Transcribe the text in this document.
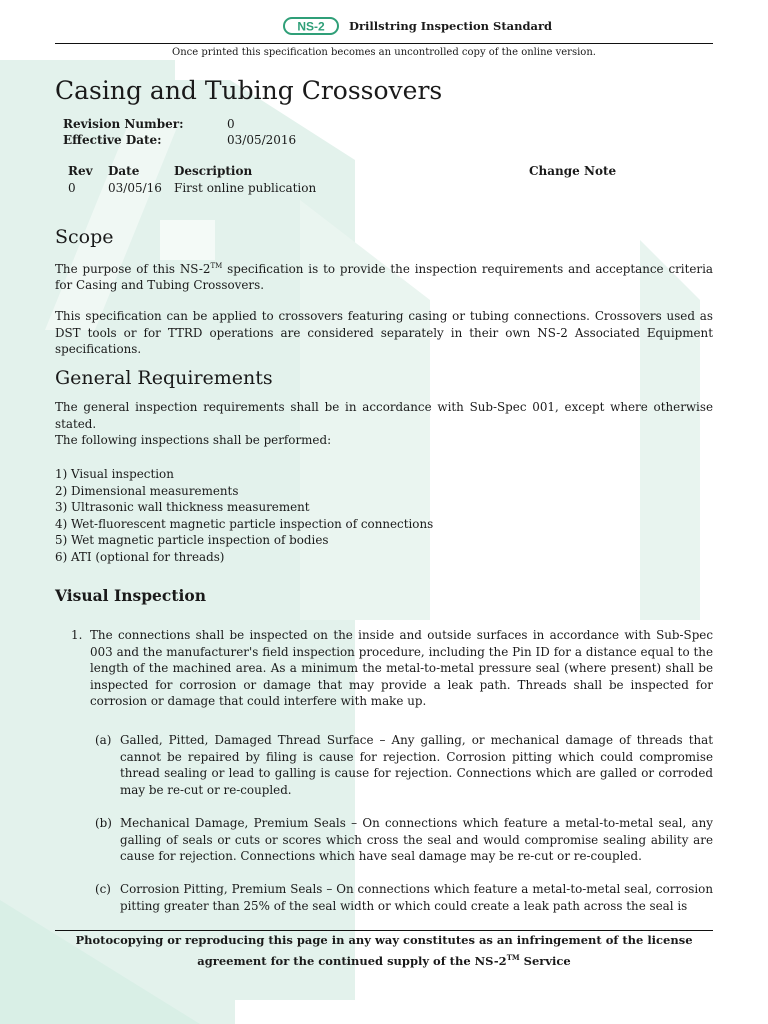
NS-2 Drillstring Inspection Standard
Once printed this specification becomes an uncontrolled copy of the online version.
Casing and Tubing Crossovers
Revision Number:	0
Effective Date:	03/05/2016
Rev Date	Description	Change Note
0	03/05/16 First online publication
Scope

The purpose of this NS-2™ specification is to provide the inspection requirements and acceptance criteria for Casing and Tubing Crossovers.

This specification can be applied to crossovers featuring casing or tubing connections. Crossovers used as DST tools or for TTRD operations are considered separately in their own NS-2 Associated Equipment specifications.

General Requirements

The general inspection requirements shall be in accordance with Sub-Spec 001, except where otherwise stated.

The following inspections shall be performed:

1) Visual inspection
2) Dimensional measurements
3) Ultrasonic wall thickness measurement
4) Wet-fluorescent magnetic particle inspection of connections
5) Wet magnetic particle inspection of bodies
6) ATI (optional for threads)
Visual Inspection
1. The connections shall be inspected on the inside and outside surfaces in accordance with Sub-Spec 003 and the manufacturer's field inspection procedure, including the Pin ID for a distance equal to the length of the machined area. As a minimum the metal-to-metal pressure seal (where present) shall be inspected for corrosion or damage that may provide a leak path. Threads shall be inspected for corrosion or damage that could interfere with make up.
(a) Galled, Pitted, Damaged Thread Surface – Any galling, or mechanical damage of threads that cannot be repaired by filing is cause for rejection. Corrosion pitting which could compromise thread sealing or lead to galling is cause for rejection. Connections which are galled or corroded may be re-cut or re-coupled.
(b) Mechanical Damage, Premium Seals – On connections which feature a metal-to-metal seal, any galling of seals or cuts or scores which cross the seal and would compromise sealing ability are cause for rejection. Connections which have seal damage may be re-cut or re-coupled.
(c) Corrosion Pitting, Premium Seals – On connections which feature a metal-to-metal seal, corrosion pitting greater than 25% of the seal width or which could create a leak path across the seal is
Photocopying or reproducing this page in any way constitutes as an infringement of the license
agreement for the continued supply of the NS-2™ Service
